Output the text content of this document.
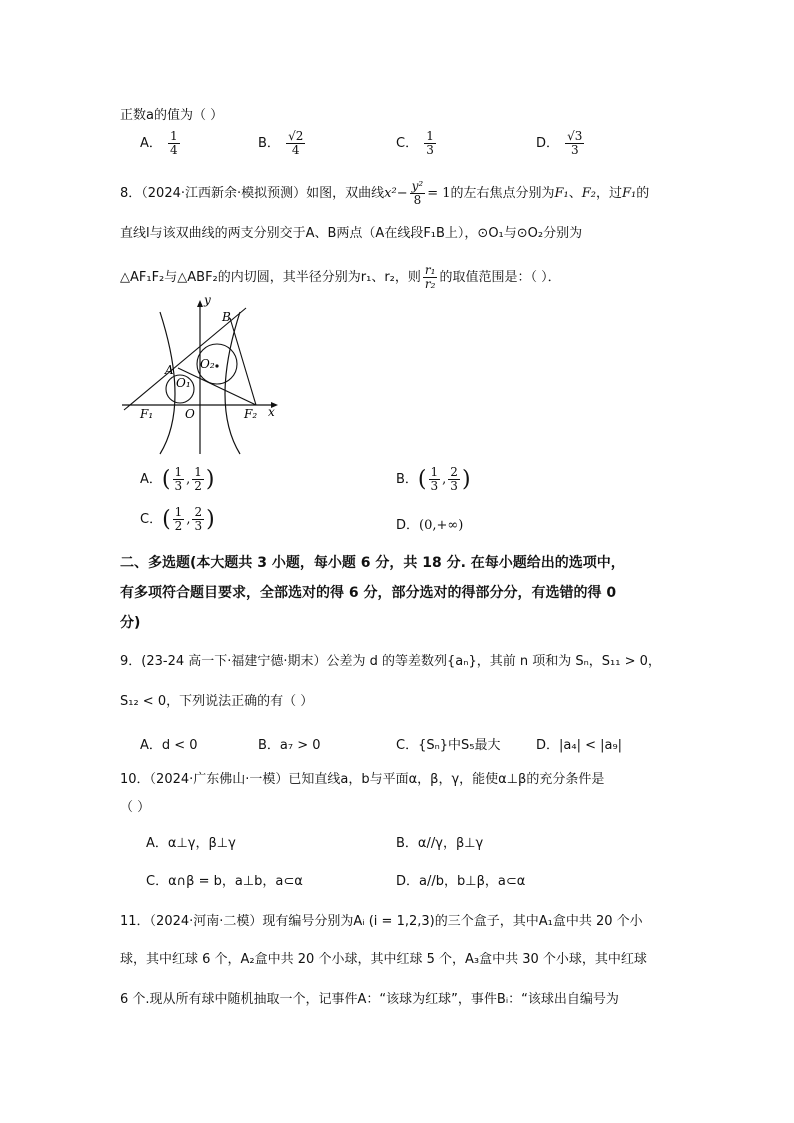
正数a的值为（ ）
A． $\frac{1}{4}$	B． $\frac{√2}{4}$	C． $\frac{1}{3}$	D． $\frac{√3}{3}$
8．（2024·江西新余·模拟预测）如图，双曲线$x^2- \frac{\text{y²}}{8} = 1$的左右焦点分别为F₁、F₂，过F₁的
直线l与该双曲线的两支分别交于A、B两点（A在线段F₁B上），⊙O₁与⊙O₂分别为
△AF₁F₂与△ABF₂的内切圆，其半径分别为r₁、r₂，则 $\frac{\text{r₁}}{\text{r₂}}$ 的取值范围是：（ ）．
y
x
B
A
O₁
O₂
O
F₁	F₂
A．( $\frac{1}{3}$ , $\frac{1}{2}$ )	B．( $\frac{1}{3}$ , $\frac{2}{3}$ )
C．( $\frac{1}{2}$ , $\frac{2}{3}$ )	D．(0,+∞)
二、多选题(本大题共 3 小题，每小题 6 分，共 18 分. 在每小题给出的选项中，
有多项符合题目要求，全部选对的得 6 分，部分选对的得部分分，有选错的得 0
分)
9．(23-24 高一下·福建宁德·期末）公差为 d 的等差数列{aₙ}，其前 n 项和为 Sₙ，S₁₁ > 0，
S₁₂ < 0，下列说法正确的有（ ）
A．d < 0	B．a₇ > 0	C．{Sₙ}中S₅最大	D．|a₄| < |a₉|
10．（2024·广东佛山·一模）已知直线a，b与平面α，β，γ，能使α⊥β的充分条件是
（ ）
A．α⊥γ，β⊥γ	B．α//γ，β⊥γ
C．α∩β = b，a⊥b，a⊂α	D．a//b，b⊥β，a⊂α
11．（2024·河南·二模）现有编号分别为Aᵢ (i = 1,2,3)的三个盒子，其中A₁盒中共 20 个小
球，其中红球 6 个，A₂盒中共 20 个小球，其中红球 5 个，A₃盒中共 30 个小球，其中红球
6 个.现从所有球中随机抽取一个，记事件A：“该球为红球”，事件Bᵢ：“该球出自编号为
